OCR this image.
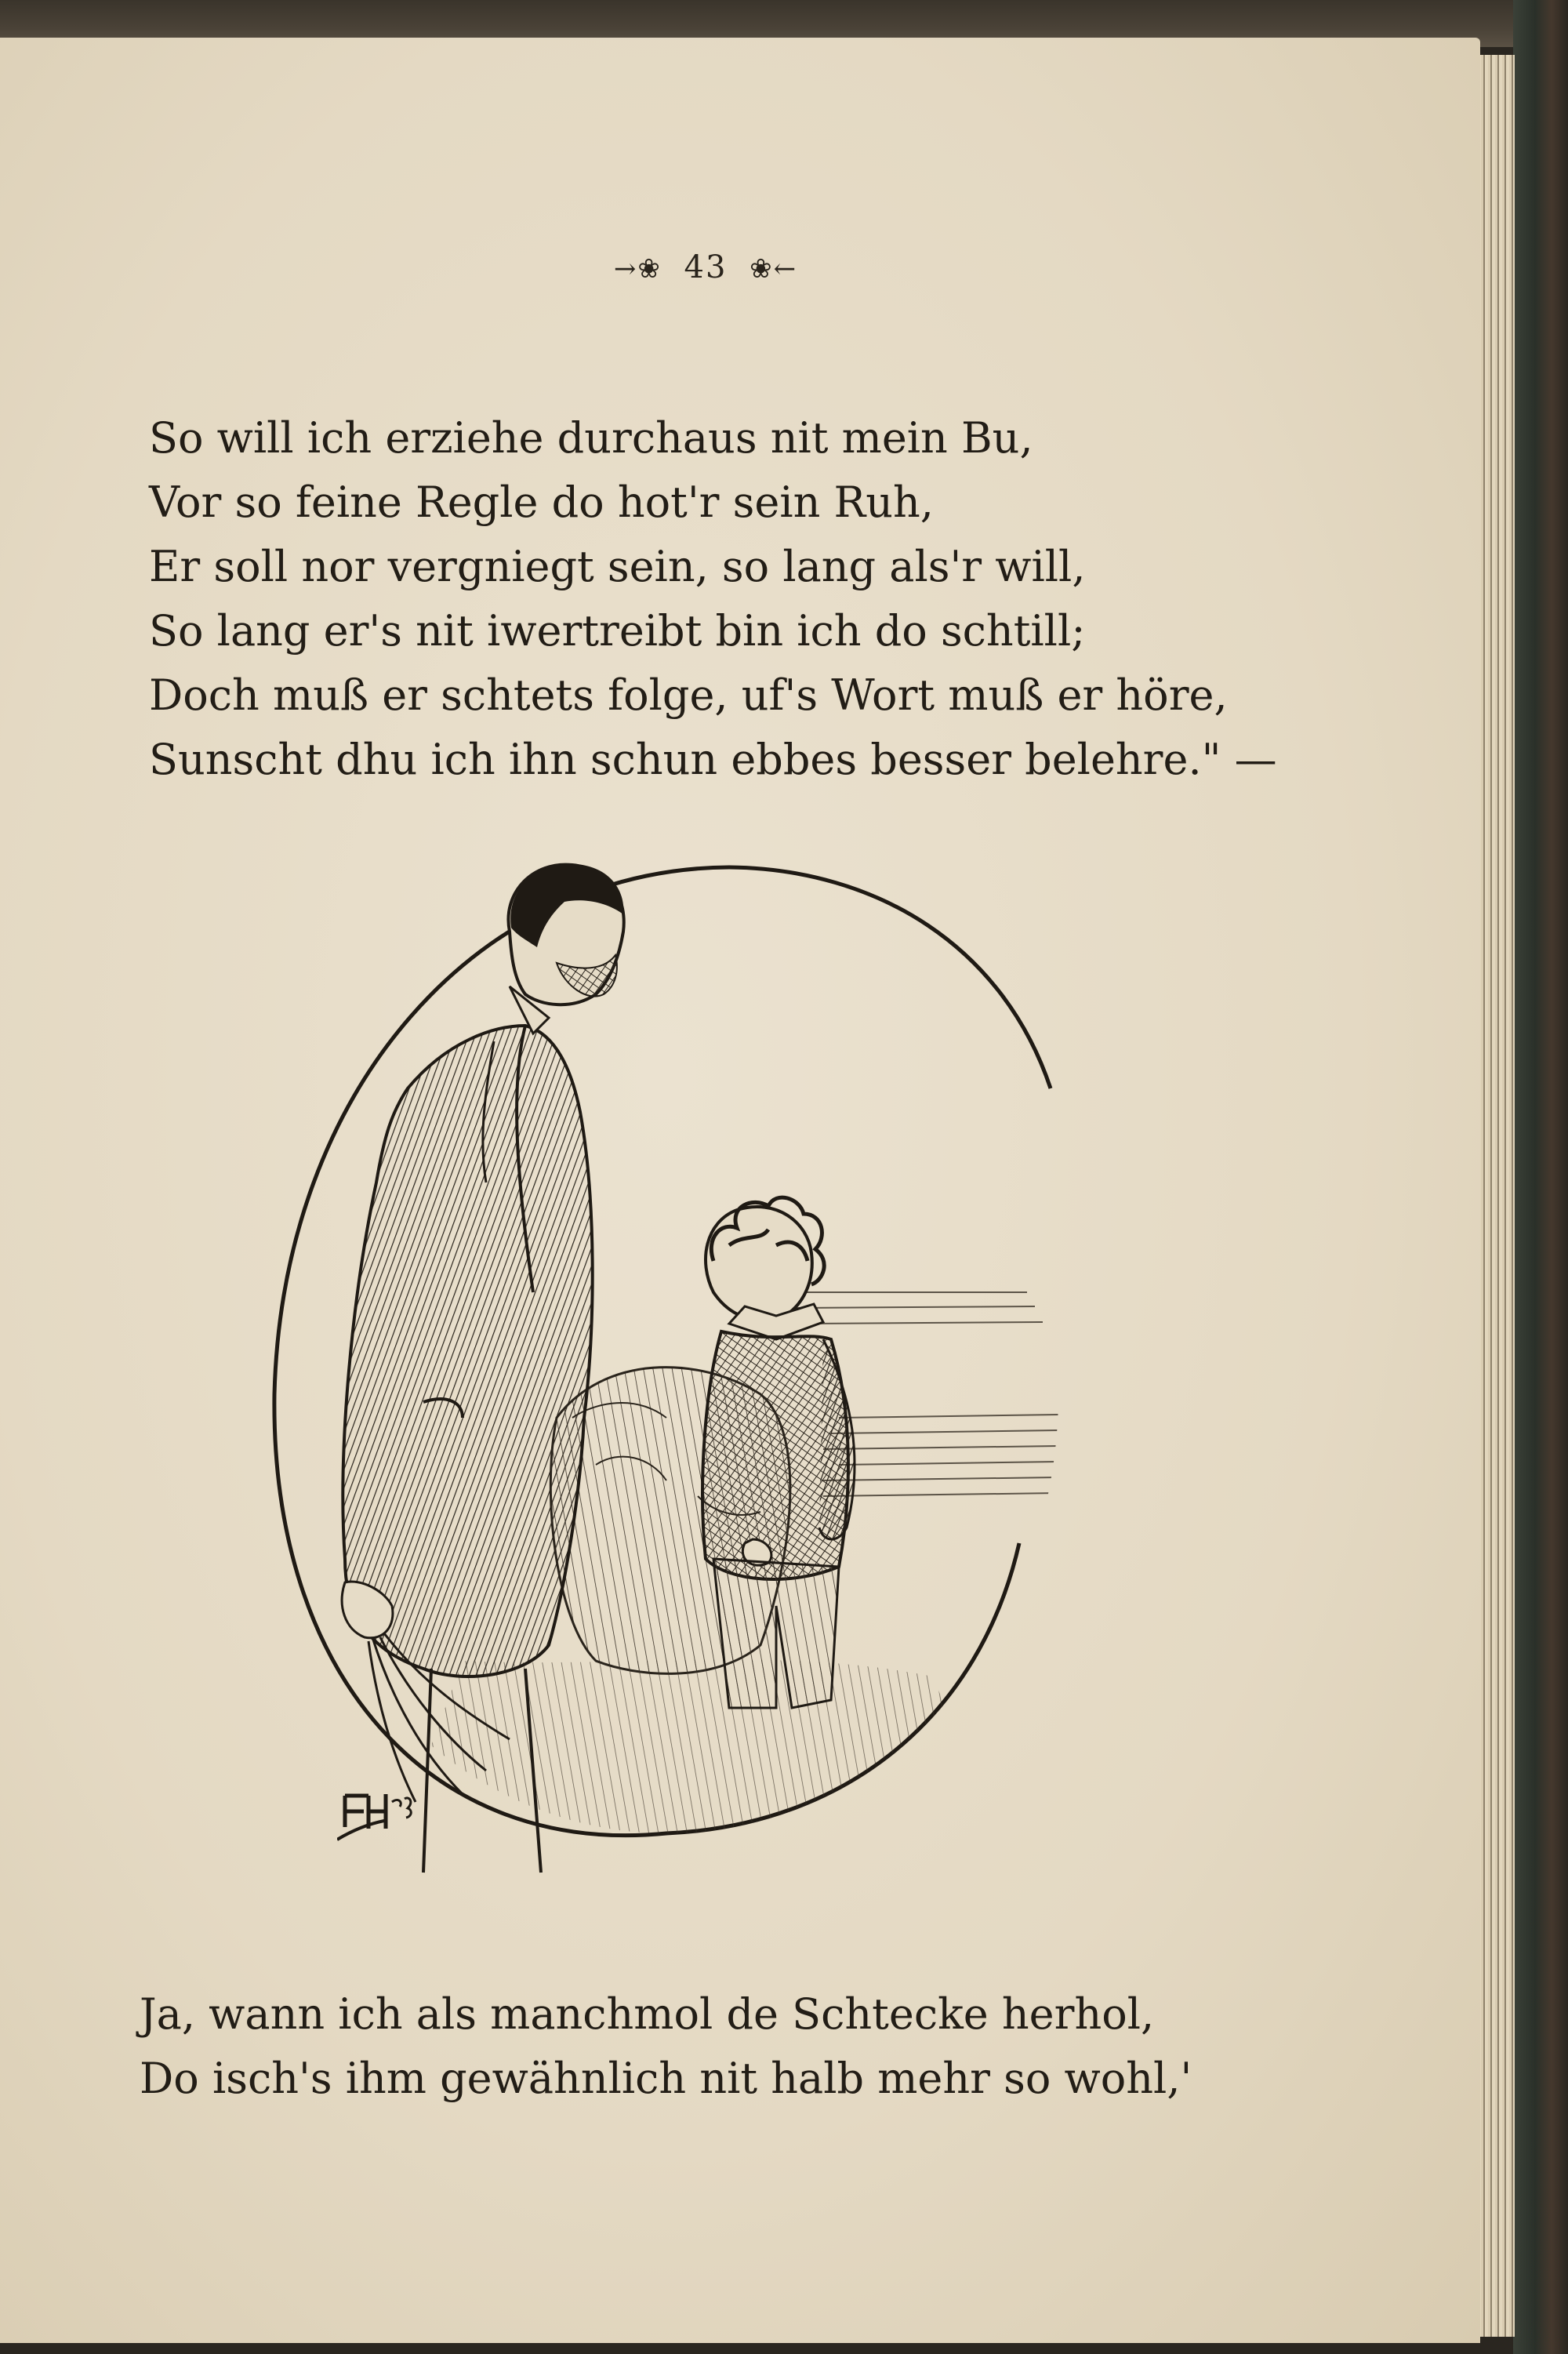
→❀ 43 ❀←
So will ich erziehe durchaus nit mein Bu,
Vor so feine Regle do hot'r sein Ruh,
Er soll nor vergniegt sein, so lang als'r will,
So lang er's nit iwertreibt bin ich do schtill;
Doch muß er schtets folge, uf's Wort muß er höre,
Sunscht dhu ich ihn schun ebbes besser belehre." —
Ja, wann ich als manchmol de Schtecke herhol,
Do isch's ihm gewähnlich nit halb mehr so wohl,'
